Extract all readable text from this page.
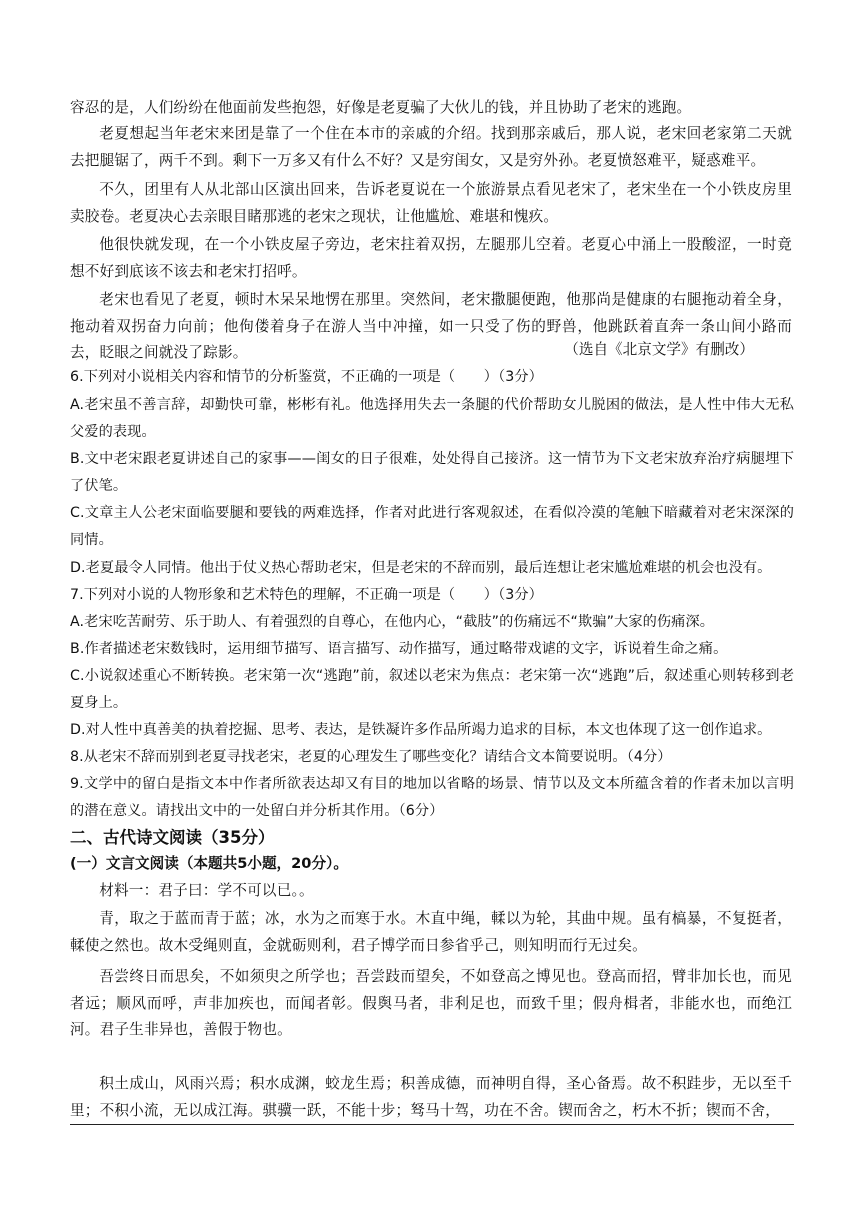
容忍的是，人们纷纷在他面前发些抱怨，好像是老夏骗了大伙儿的钱，并且协助了老宋的逃跑。

老夏想起当年老宋来团是靠了一个住在本市的亲戚的介绍。找到那亲戚后，那人说，老宋回老家第二天就去把腿锯了，两千不到。剩下一万多又有什么不好？又是穷闺女，又是穷外孙。老夏愤怒难平，疑惑难平。

不久，团里有人从北部山区演出回来，告诉老夏说在一个旅游景点看见老宋了，老宋坐在一个小铁皮房里卖胶卷。老夏决心去亲眼目睹那逃的老宋之现状，让他尴尬、难堪和愧疚。

他很快就发现，在一个小铁皮屋子旁边，老宋拄着双拐，左腿那儿空着。老夏心中涌上一股酸涩，一时竟想不好到底该不该去和老宋打招呼。

老宋也看见了老夏，顿时木呆呆地愣在那里。突然间，老宋撒腿便跑，他那尚是健康的右腿拖动着全身，拖动着双拐奋力向前；他佝偻着身子在游人当中冲撞，如一只受了伤的野兽，他跳跃着直奔一条山间小路而去，眨眼之间就没了踪影。	（选自《北京文学》有删改）

6.下列对小说相关内容和情节的分析鉴赏，不正确的一项是（　　）（3分）

A.老宋虽不善言辞，却勤快可靠，彬彬有礼。他选择用失去一条腿的代价帮助女儿脱困的做法，是人性中伟大无私父爱的表现。

B.文中老宋跟老夏讲述自己的家事——闺女的日子很难，处处得自己接济。这一情节为下文老宋放弃治疗病腿埋下了伏笔。

C.文章主人公老宋面临要腿和要钱的两难选择，作者对此进行客观叙述，在看似冷漠的笔触下暗藏着对老宋深深的同情。

D.老夏最令人同情。他出于仗义热心帮助老宋，但是老宋的不辞而别，最后连想让老宋尴尬难堪的机会也没有。

7.下列对小说的人物形象和艺术特色的理解，不正确一项是（　　）（3分）

A.老宋吃苦耐劳、乐于助人、有着强烈的自尊心，在他内心，“截肢”的伤痛远不“欺骗”大家的伤痛深。

B.作者描述老宋数钱时，运用细节描写、语言描写、动作描写，通过略带戏谑的文字，诉说着生命之痛。

C.小说叙述重心不断转换。老宋第一次“逃跑”前，叙述以老宋为焦点：老宋第一次“逃跑”后，叙述重心则转移到老夏身上。

D.对人性中真善美的执着挖掘、思考、表达，是铁凝许多作品所竭力追求的目标，本文也体现了这一创作追求。

8.从老宋不辞而别到老夏寻找老宋，老夏的心理发生了哪些变化？请结合文本简要说明。（4分）

9.文学中的留白是指文本中作者所欲表达却又有目的地加以省略的场景、情节以及文本所蕴含着的作者未加以言明的潜在意义。请找出文中的一处留白并分析其作用。（6分）

二、古代诗文阅读（35分）
(一）文言文阅读（本题共5小题，20分）。

材料一：君子曰：学不可以已。。

青，取之于蓝而青于蓝；冰，水为之而寒于水。木直中绳，輮以为轮，其曲中规。虽有槁暴，不复挺者，輮使之然也。故木受绳则直，金就砺则利，君子博学而日参省乎己，则知明而行无过矣。

吾尝终日而思矣，不如须臾之所学也；吾尝跂而望矣，不如登高之博见也。登高而招，臂非加长也，而见者远；顺风而呼，声非加疾也，而闻者彰。假舆马者，非利足也，而致千里；假舟楫者，非能水也，而绝江河。君子生非异也，善假于物也。

积土成山，风雨兴焉；积水成渊，蛟龙生焉；积善成德，而神明自得，圣心备焉。故不积跬步，无以至千里；不积小流，无以成江海。骐骥一跃，不能十步；驽马十驾，功在不舍。锲而舍之，朽木不折；锲而不舍，
